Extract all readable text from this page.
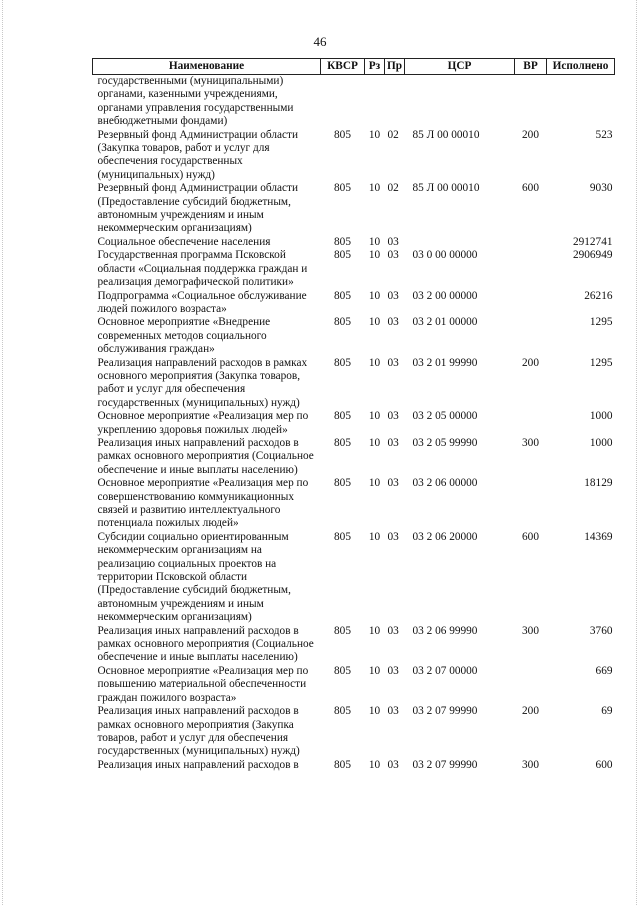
46
Наименование	КВСР	Рз	Пр	ЦСР	ВР	Исполнено
государственными (муниципальными) органами, казенными учреждениями, органами управления государственными внебюджетными фондами)						
Резервный фонд Администрации области (Закупка товаров, работ и услуг для обеспечения государственных (муниципальных) нужд)	805	10	02	85 Л 00 00010	200	523
Резервный фонд Администрации области (Предоставление субсидий бюджетным, автономным учреждениям и иным некоммерческим организациям)	805	10	02	85 Л 00 00010	600	9030
Социальное обеспечение населения	805	10	03			2912741
Государственная программа Псковской области «Социальная поддержка граждан и реализация демографической политики»	805	10	03	03 0 00 00000		2906949
Подпрограмма «Социальное обслуживание людей пожилого возраста»	805	10	03	03 2 00 00000		26216
Основное мероприятие «Внедрение современных методов социального обслуживания граждан»	805	10	03	03 2 01 00000		1295
Реализация направлений расходов в рамках основного мероприятия (Закупка товаров, работ и услуг для обеспечения государственных (муниципальных) нужд)	805	10	03	03 2 01 99990	200	1295
Основное мероприятие «Реализация мер по укреплению здоровья пожилых людей»	805	10	03	03 2 05 00000		1000
Реализация иных направлений расходов в рамках основного мероприятия (Социальное обеспечение и иные выплаты населению)	805	10	03	03 2 05 99990	300	1000
Основное мероприятие «Реализация мер по совершенствованию коммуникационных связей и развитию интеллектуального потенциала пожилых людей»	805	10	03	03 2 06 00000		18129
Субсидии социально ориентированным некоммерческим организациям на реализацию социальных проектов на территории Псковской области (Предоставление субсидий бюджетным, автономным учреждениям и иным некоммерческим организациям)	805	10	03	03 2 06 20000	600	14369
Реализация иных направлений расходов в рамках основного мероприятия (Социальное обеспечение и иные выплаты населению)	805	10	03	03 2 06 99990	300	3760
Основное мероприятие «Реализация мер по повышению материальной обеспеченности граждан пожилого возраста»	805	10	03	03 2 07 00000		669
Реализация иных направлений расходов в рамках основного мероприятия (Закупка товаров, работ и услуг для обеспечения государственных (муниципальных) нужд)	805	10	03	03 2 07 99990	200	69
Реализация иных направлений расходов в	805	10	03	03 2 07 99990	300	600
